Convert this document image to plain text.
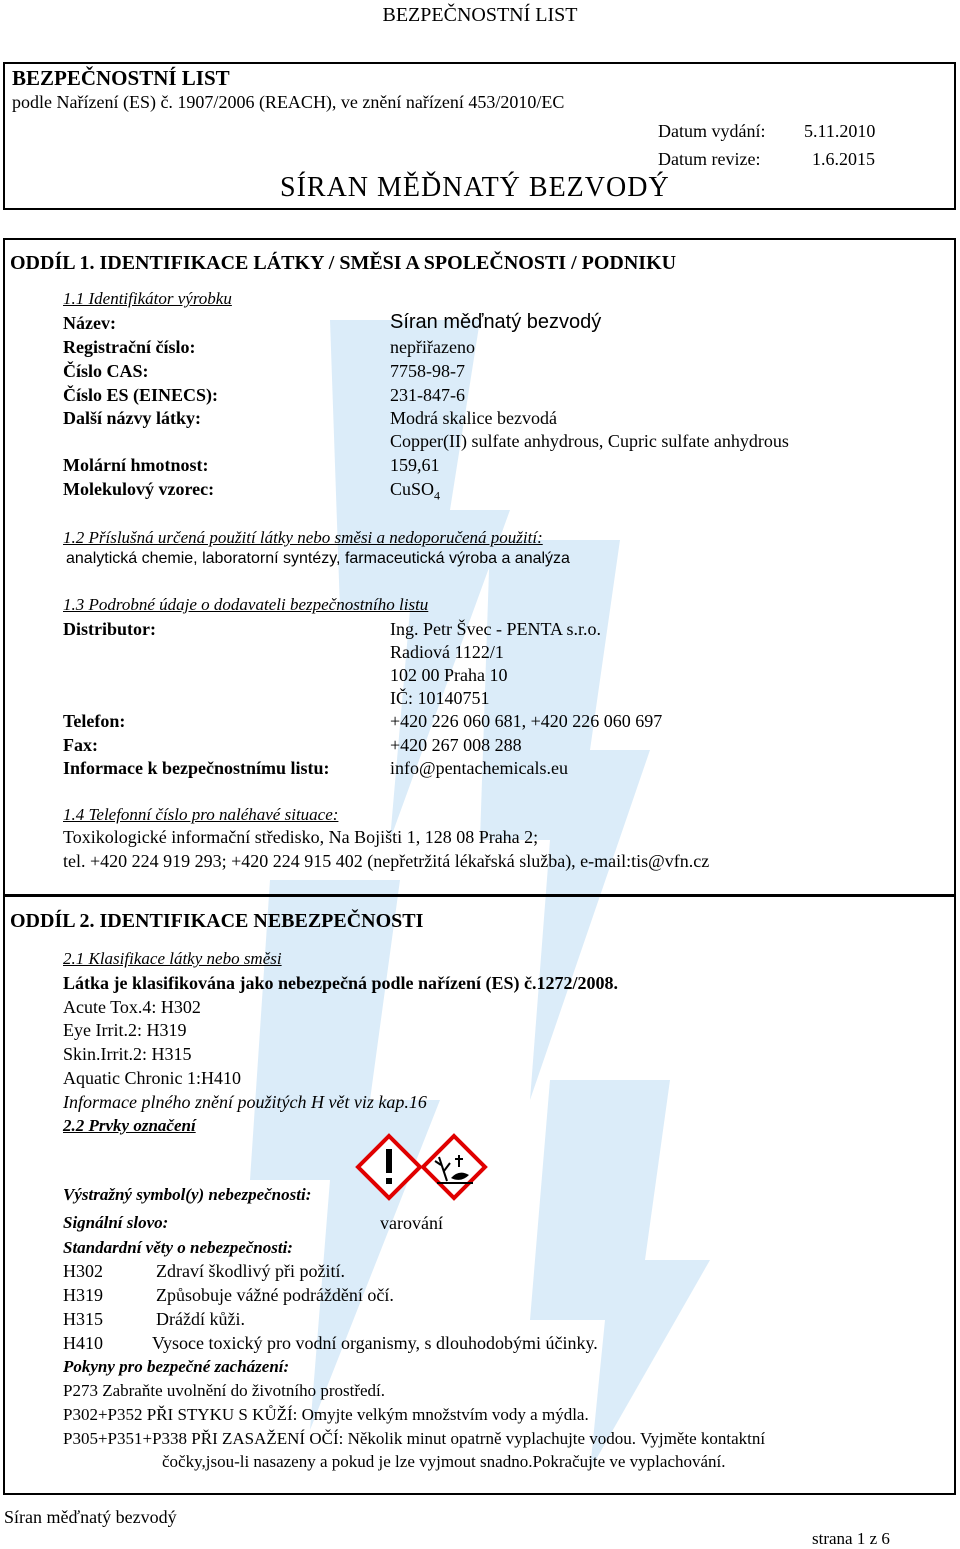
BEZPEČNOSTNÍ LIST
BEZPEČNOSTNÍ LIST
podle Nařízení (ES) č. 1907/2006 (REACH), ve znění nařízení 453/2010/EC
Datum vydání: 5.11.2010
Datum revize:	1.6.2015
SÍRAN MĚĎNATÝ BEZVODÝ
ODDÍL 1. IDENTIFIKACE LÁTKY / SMĚSI A SPOLEČNOSTI / PODNIKU
1.1 Identifikátor výrobku
Název:	Síran měďnatý bezvodý
Registrační číslo:	nepřiřazeno
Číslo CAS:	7758-98-7
Číslo ES (EINECS):	231-847-6
Další názvy látky:	Modrá skalice bezvodá
Copper(II) sulfate anhydrous, Cupric sulfate anhydrous
Molární hmotnost:	159,61
Molekulový vzorec:	CuSO$_4$
1.2 Příslušná určená použití látky nebo směsi a nedoporučená použití:
analytická chemie, laboratorní syntézy, farmaceutická výroba a analýza
1.3 Podrobné údaje o dodavateli bezpečnostního listu
Distributor:	Ing. Petr Švec - PENTA s.r.o.
Radiová 1122/1
102 00 Praha 10
IČ: 10140751
Telefon:	+420 226 060 681, +420 226 060 697
Fax:	+420 267 008 288
Informace k bezpečnostnímu listu:	info@pentachemicals.eu
1.4 Telefonní číslo pro naléhavé situace:
Toxikologické informační středisko, Na Bojišti 1, 128 08 Praha 2;
tel. +420 224 919 293; +420 224 915 402 (nepřetržitá lékařská služba), e-mail:tis@vfn.cz
ODDÍL 2. IDENTIFIKACE NEBEZPEČNOSTI
2.1 Klasifikace látky nebo směsi
Látka je klasifikována jako nebezpečná podle nařízení (ES) č.1272/2008.
Acute Tox.4: H302
Eye Irrit.2: H319
Skin.Irrit.2: H315
Aquatic Chronic 1:H410
Informace plného znění použitých H vět viz kap.16
2.2 Prvky označení
Výstražný symbol(y) nebezpečnosti:
Signální slovo:	varování
Standardní věty o nebezpečnosti:
H302	Zdraví škodlivý při požití.
H319	Způsobuje vážné podráždění očí.
H315	Dráždí kůži.
H410	Vysoce toxický pro vodní organismy, s dlouhodobými účinky.
Pokyny pro bezpečné zacházení:
P273 Zabraňte uvolnění do životního prostředí.
P302+P352 PŘI STYKU S KŮŽÍ: Omyjte velkým množstvím vody a mýdla.
P305+P351+P338 PŘI ZASAŽENÍ OČÍ: Několik minut opatrně vyplachujte vodou. Vyjměte kontaktní
čočky,jsou-li nasazeny a pokud je lze vyjmout snadno.Pokračujte ve vyplachování.
Síran měďnatý bezvodý
strana 1 z 6
